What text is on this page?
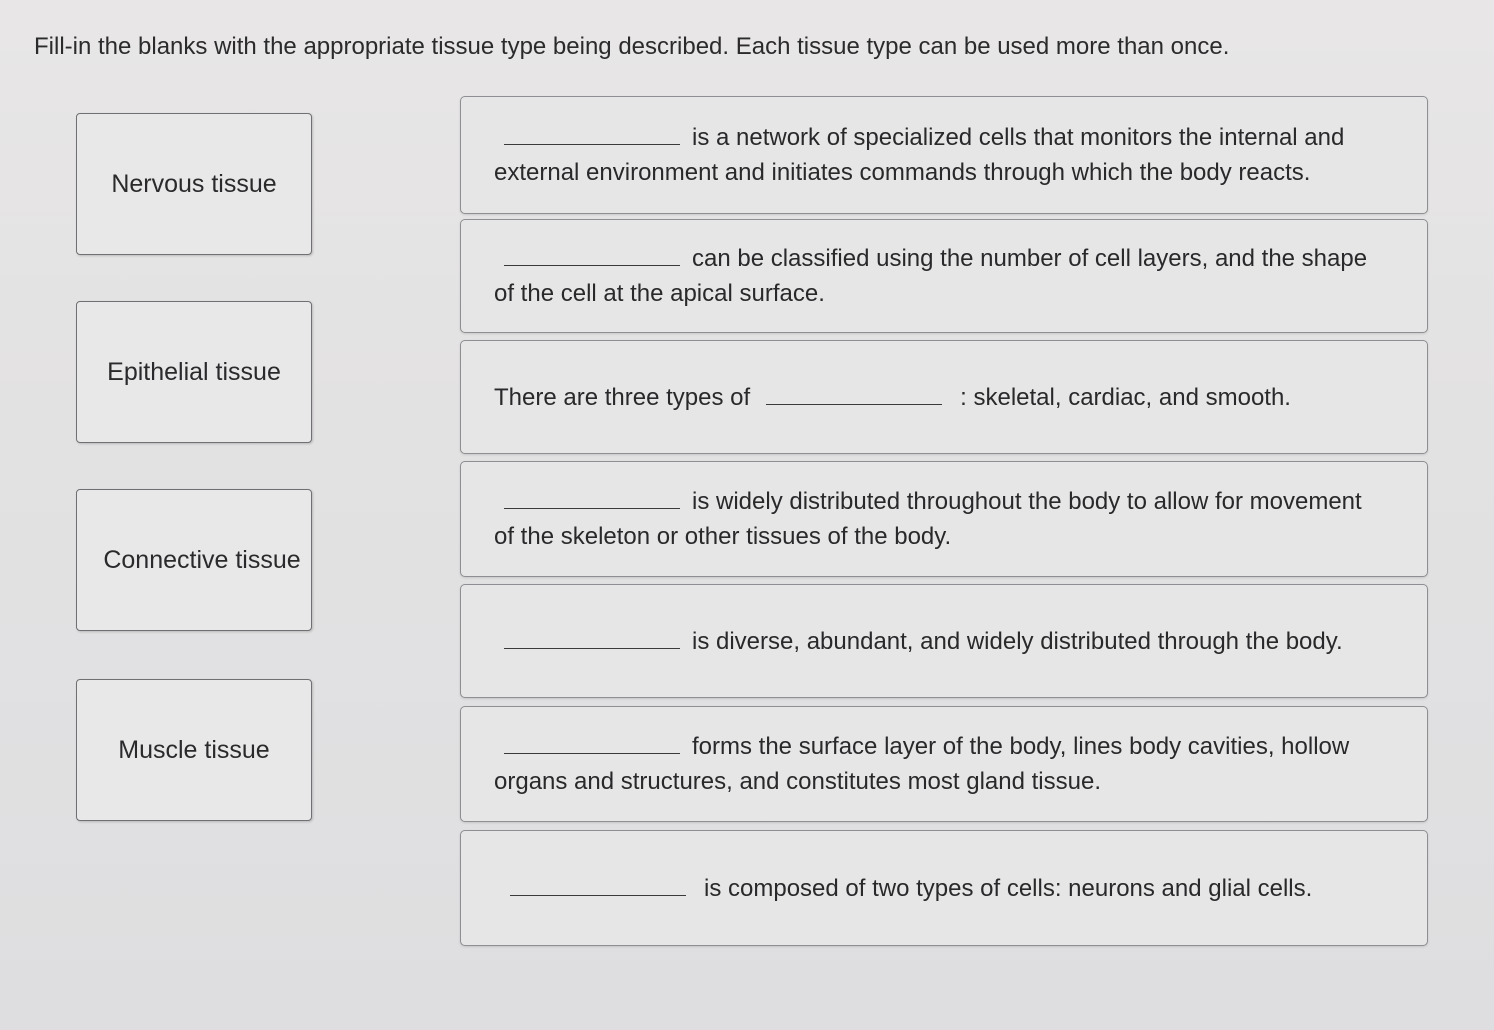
Fill-in the blanks with the appropriate tissue type being described. Each tissue type can be used more than once.
Nervous tissue
Epithelial tissue
Connective tissue
Muscle tissue
is a network of specialized cells that monitors the internal and external environment and initiates commands through which the body reacts.
can be classified using the number of cell layers, and the shape of the cell at the apical surface.
There are three types of	: skeletal, cardiac, and smooth.
is widely distributed throughout the body to allow for movement of the skeleton or other tissues of the body.
is diverse, abundant, and widely distributed through the body.
forms the surface layer of the body, lines body cavities, hollow organs and structures, and constitutes most gland tissue.
is composed of two types of cells: neurons and glial cells.
